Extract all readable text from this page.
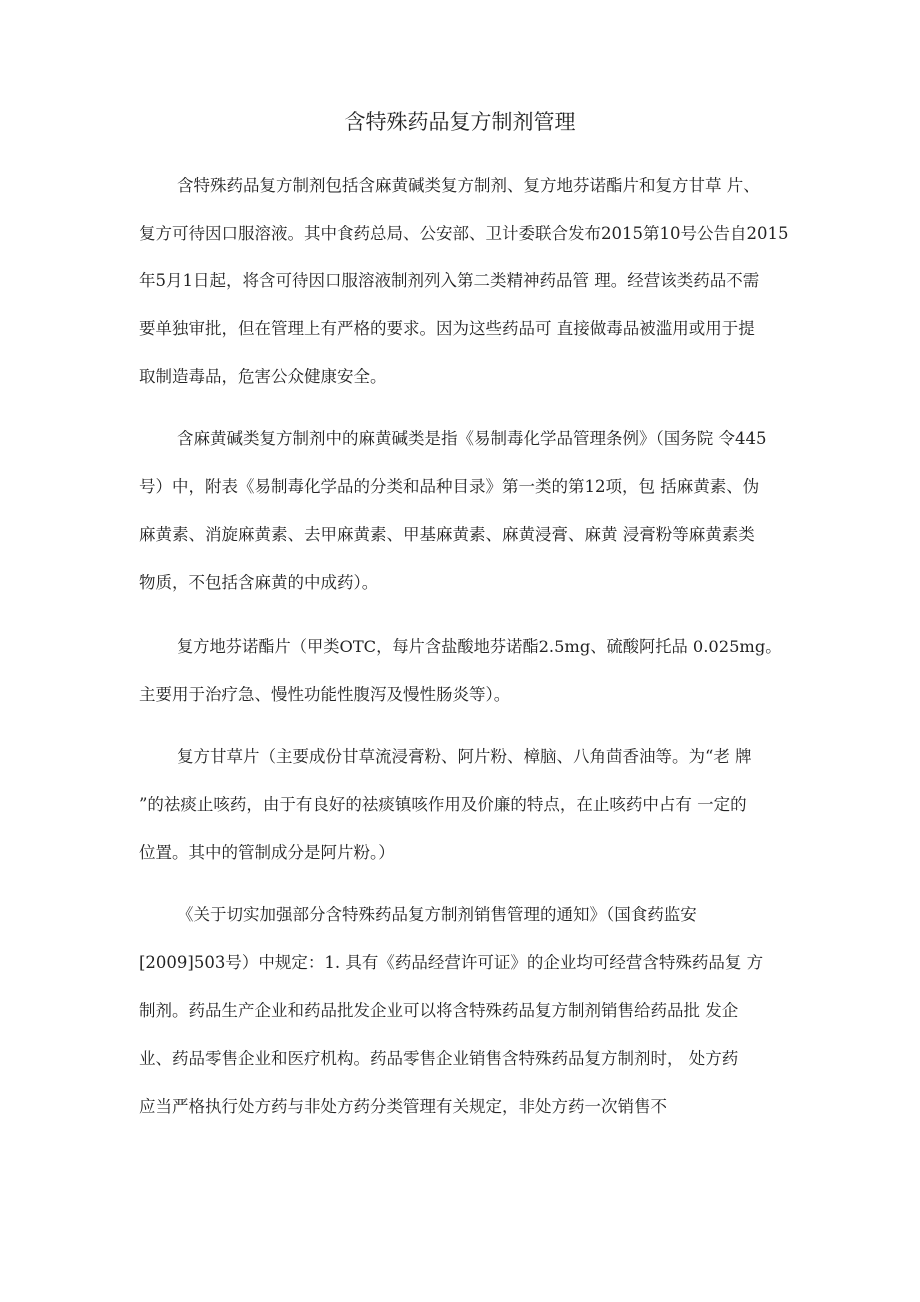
含特殊药品复方制剂管理

含特殊药品复方制剂包括含麻黄碱类复方制剂、复方地芬诺酯片和复方甘草 片、

复方可待因口服溶液。其中食药总局、公安部、卫计委联合发布2015第10号公告自2015

年5月1日起，将含可待因口服溶液制剂列入第二类精神药品管 理。经营该类药品不需

要单独审批，但在管理上有严格的要求。因为这些药品可 直接做毒品被滥用或用于提

取制造毒品，危害公众健康安全。

含麻黄碱类复方制剂中的麻黄碱类是指《易制毒化学品管理条例》（国务院 令445

号）中，附表《易制毒化学品的分类和品种目录》第一类的第12项，包 括麻黄素、伪

麻黄素、消旋麻黄素、去甲麻黄素、甲基麻黄素、麻黄浸膏、麻黄 浸膏粉等麻黄素类

物质，不包括含麻黄的中成药）。

复方地芬诺酯片（甲类OTC，每片含盐酸地芬诺酯2.5mg、硫酸阿托品 0.025mg。

主要用于治疗急、慢性功能性腹泻及慢性肠炎等）。

复方甘草片（主要成份甘草流浸膏粉、阿片粉、樟脑、八角茴香油等。为“老 牌

”的祛痰止咳药，由于有良好的祛痰镇咳作用及价廉的特点，在止咳药中占有 一定的

位置。其中的管制成分是阿片粉。）

《关于切实加强部分含特殊药品复方制剂销售管理的通知》（国食药监安

[2009]503号）中规定：1. 具有《药品经营许可证》的企业均可经营含特殊药品复 方

制剂。药品生产企业和药品批发企业可以将含特殊药品复方制剂销售给药品批 发企

业、药品零售企业和医疗机构。药品零售企业销售含特殊药品复方制剂时， 处方药

应当严格执行处方药与非处方药分类管理有关规定，非处方药一次销售不
